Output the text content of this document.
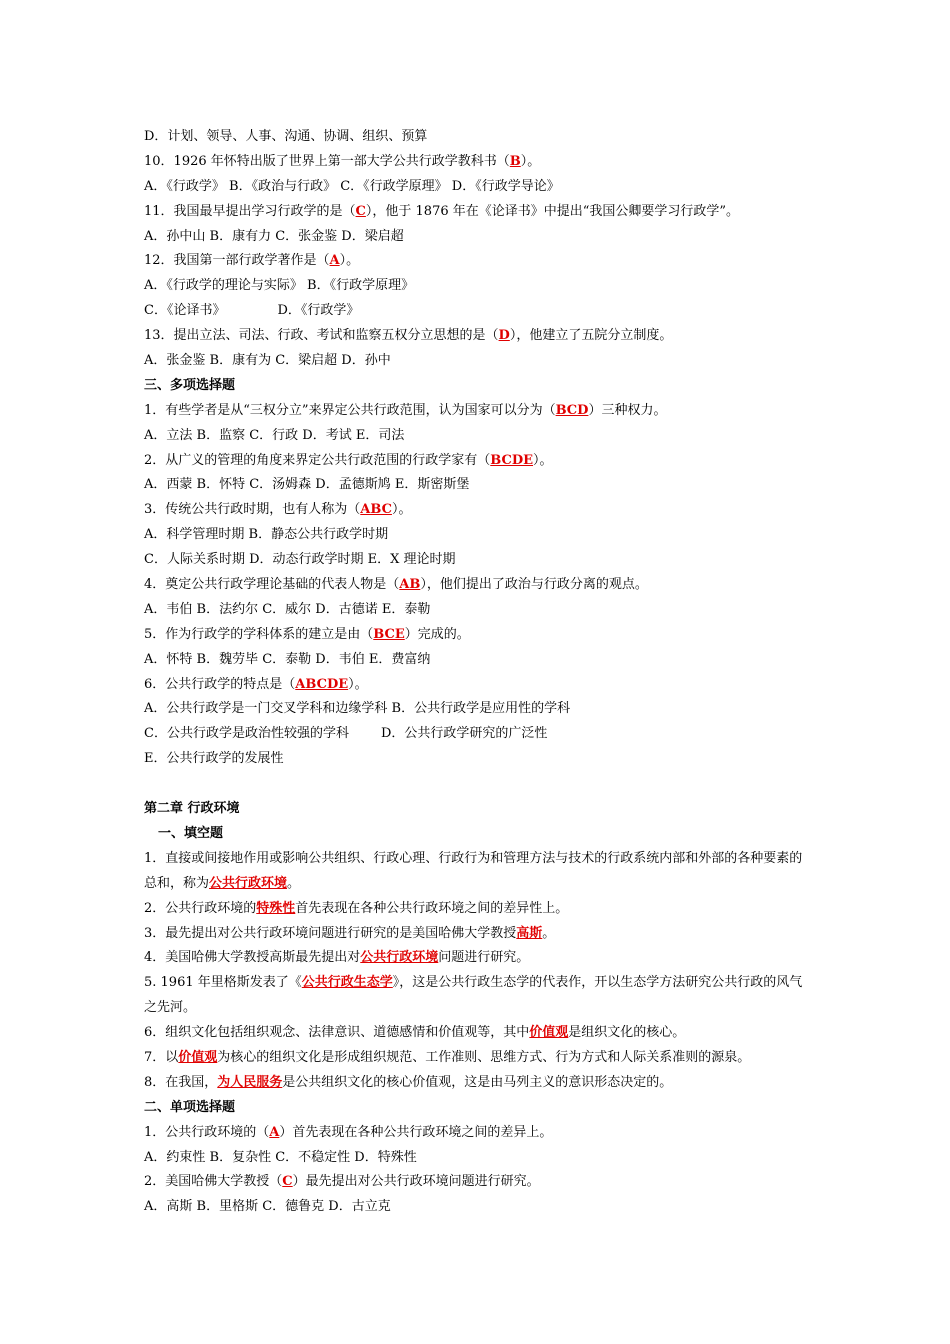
D．计划、领导、人事、沟通、协调、组织、预算
10．1926 年怀特出版了世界上第一部大学公共行政学教科书（B）。
A．《行政学》 B．《政治与行政》 C．《行政学原理》 D．《行政学导论》
11．我国最早提出学习行政学的是（C），他于 1876 年在《论译书》中提出“我国公卿要学习行政学”。
A．孙中山 B．康有力 C．张金鉴 D．梁启超
12．我国第一部行政学著作是（A）。
A．《行政学的理论与实际》 B．《行政学原理》
C．《论译书》	D．《行政学》
13．提出立法、司法、行政、考试和监察五权分立思想的是（D），他建立了五院分立制度。
A．张金鉴 B．康有为 C．梁启超 D．孙中
三、多项选择题
1．有些学者是从“三权分立”来界定公共行政范围，认为国家可以分为（BCD）三种权力。
A．立法 B．监察 C．行政 D．考试 E．司法
2．从广义的管理的角度来界定公共行政范围的行政学家有（BCDE）。
A．西蒙 B．怀特 C．汤姆森 D．孟德斯鸠 E．斯密斯堡
3．传统公共行政时期，也有人称为（ABC）。
A．科学管理时期 B．静态公共行政学时期
C．人际关系时期 D．动态行政学时期 E．X 理论时期
4．奠定公共行政学理论基础的代表人物是（AB），他们提出了政治与行政分离的观点。
A．韦伯 B．法约尔 C．威尔 D．古德诺 E．泰勒
5．作为行政学的学科体系的建立是由（BCE）完成的。
A．怀特 B．魏劳毕 C．泰勒 D．韦伯 E．费富纳
6．公共行政学的特点是（ABCDE）。
A．公共行政学是一门交叉学科和边缘学科 B．公共行政学是应用性的学科
C．公共行政学是政治性较强的学科 D．公共行政学研究的广泛性
E．公共行政学的发展性
第二章 行政环境
一、填空题
1．直接或间接地作用或影响公共组织、行政心理、行政行为和管理方法与技术的行政系统内部和外部的各种要素的总和，称为公共行政环境。
2．公共行政环境的特殊性首先表现在各种公共行政环境之间的差异性上。
3．最先提出对公共行政环境问题进行研究的是美国哈佛大学教授高斯。
4．美国哈佛大学教授高斯最先提出对公共行政环境问题进行研究。
5. 1961 年里格斯发表了《公共行政生态学》，这是公共行政生态学的代表作，开以生态学方法研究公共行政的风气之先河。
6．组织文化包括组织观念、法律意识、道德感情和价值观等，其中价值观是组织文化的核心。
7．以价值观为核心的组织文化是形成组织规范、工作准则、思维方式、行为方式和人际关系准则的源泉。
8．在我国，为人民服务是公共组织文化的核心价值观，这是由马列主义的意识形态决定的。
二、单项选择题
1．公共行政环境的（A）首先表现在各种公共行政环境之间的差异上。
A．约束性 B．复杂性 C．不稳定性 D．特殊性
2．美国哈佛大学教授（C）最先提出对公共行政环境问题进行研究。
A．高斯 B．里格斯 C．德鲁克 D．古立克
